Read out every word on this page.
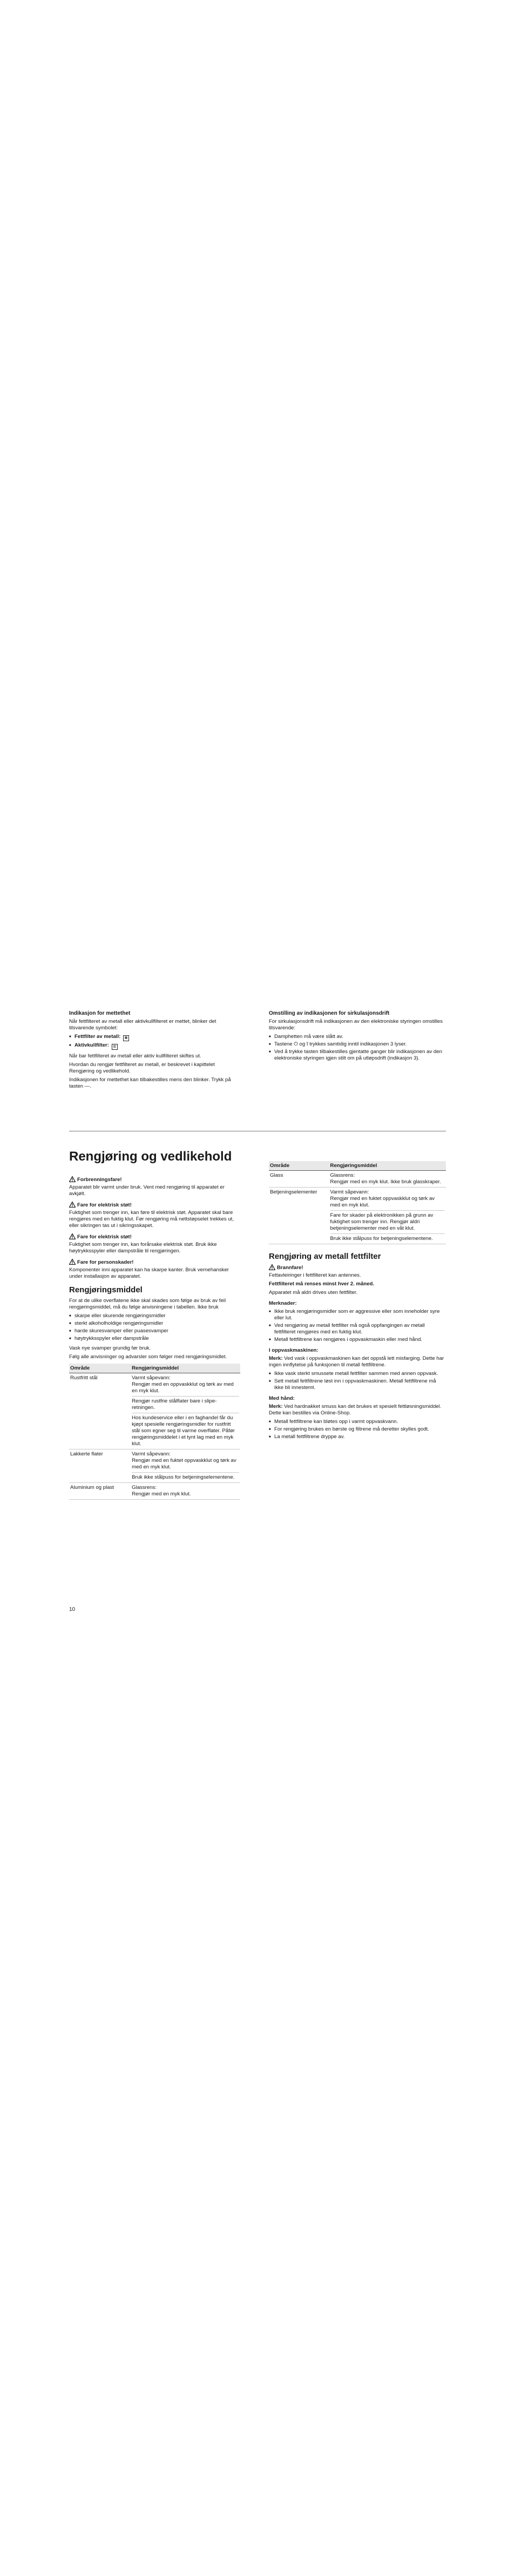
Indikasjon for mettethet

Når fettfilteret av metall eller aktivkullfilteret er mettet, blinker det tilsvarende symbolet:

■ Fettfilter av metall: ▦
■ Aktivkullfilter: ▥

Når bar fettfilteret av metall eller aktiv kullfilteret skiftes ut.

Hvordan du rengjør fettfilteret av metall, er beskrevet i kapittelet Rengjøring og vedlikehold.

Indikasjonen for mettethet kan tilbakestilles mens den blinker. Trykk på tasten —.

Omstilling av indikasjonen for sirkulasjonsdrift

For sirkulasjonsdrift må indikasjonen av den elektroniske styringen omstilles tilsvarende:

■ Damphetten må være slått av.
■ Tastene ⏻ og ĩ trykkes samtidig inntil indikasjonen 3 lyser.
■ Ved å trykke tasten tilbakestilles gjentatte ganger blir indikasjonen av den elektroniske styringen igjen stilt om på utløpsdrift (indikasjon 3).
Rengjøring og vedlikehold
Forbrenningsfare!

Apparatet blir varmt under bruk. Vent med rengjøring til apparatet er avkjølt.

Fare for elektrisk støt!

Fuktighet som trenger inn, kan føre til elektrisk støt. Apparatet skal bare rengjøres med en fuktig klut. Før rengjøring må nettstøpselet trekkes ut, eller sikringen tas ut i sikringsskapet.

Fare for elektrisk støt!

Fuktighet som trenger inn, kan forårsake elektrisk støt. Bruk ikke høytrykksspyler eller dampstråle til rengjøringen.

Fare for personskader!

Komponenter inni apparatet kan ha skarpe kanter. Bruk vernehansker under installasjon av apparatet.

Rengjøringsmiddel

For at de ulike overflatene ikke skal skades som følge av bruk av feil rengjøringsmiddel, må du følge anvisningene i tabellen. Ikke bruk

■ skarpe eller skurende rengjøringsmidler
■ sterkt alkoholholdige rengjøringsmidler
■ harde skuresvamper eller puasesvamper
■ høytrykksspyler eller dampstråle

Vask nye svamper grundig før bruk.

Følg alle anvisninger og advarsler som følger med rengjøringsmidlet.

Område	Rengjøringsmiddel
Rustfritt stål	Varmt såpevann:
Rengjør med en oppvaskklut og tørk av med en myk klut.
Rengjør rustfrie stålflater bare i slipe-retningen.
Hos kundeservice eller i en faghandel får du kjøpt spesielle rengjøringsmidler for rustfritt stål som egner seg til varme overflater. Påfør rengjøringsmiddelet i et tynt lag med en myk klut.

Lakkerte flater	Varmt såpevann:
Rengjør med en fuktet oppvaskklut og tørk av med en myk klut.
Bruk ikke stålpuss for betjeningselementene.

Aluminium og plast	Glassrens:
Rengjør med en myk klut.
Område	Rengjøringsmiddel
Glass	Glassrens:
Rengjør med en myk klut. Ikke bruk glasskraper.

Betjeningselementer	Varmt såpevann:
Rengjør med en fuktet oppvaskklut og tørk av med en myk klut.
Fare for skader på elektronikken på grunn av fuktighet som trenger inn. Rengjør aldri betjeningselementer med en våt klut.
Bruk ikke stålpuss for betjeningselementene.
Rengjøring av metall fettfilter
Brannfare!

Fettavleiringer i fettfilteret kan antennes.

Fettfilteret må renses minst hver 2. måned.

Apparatet må aldri drives uten fettfilter.

Merknader:
■ Ikke bruk rengjøringsmidler som er aggressive eller som inneholder syre eller lut.
■ Ved rengjøring av metall fettfilter må også oppfangingen av metall fettfilteret rengjøres med en fuktig klut.
■ Metall fettfiltrene kan rengjøres i oppvaskmaskin eller med hånd.
I oppvaskmaskinen:

Merk: Ved vask i oppvaskmaskinen kan det oppstå lett misfarging. Dette har ingen innflytelse på funksjonen til metall fettfiltrene.

■ Ikke vask sterkt smussete metall fettfilter sammen med annen oppvask.
■ Sett metall fettfiltrene løst inn i oppvaskmaskinen. Metall fettfiltrene må ikke bli innestemt.
Med hånd:

Merk: Ved hardnakket smuss kan det brukes et spesielt fettløsningsmiddel. Dette kan bestilles via Online-Shop.

■ Metall fettfiltrene kan bløtes opp i varmt oppvaskvann.
■ For rengjøring brukes en børste og filtrene må deretter skylles godt.
■ La metall fettfiltrene dryppe av.
10
